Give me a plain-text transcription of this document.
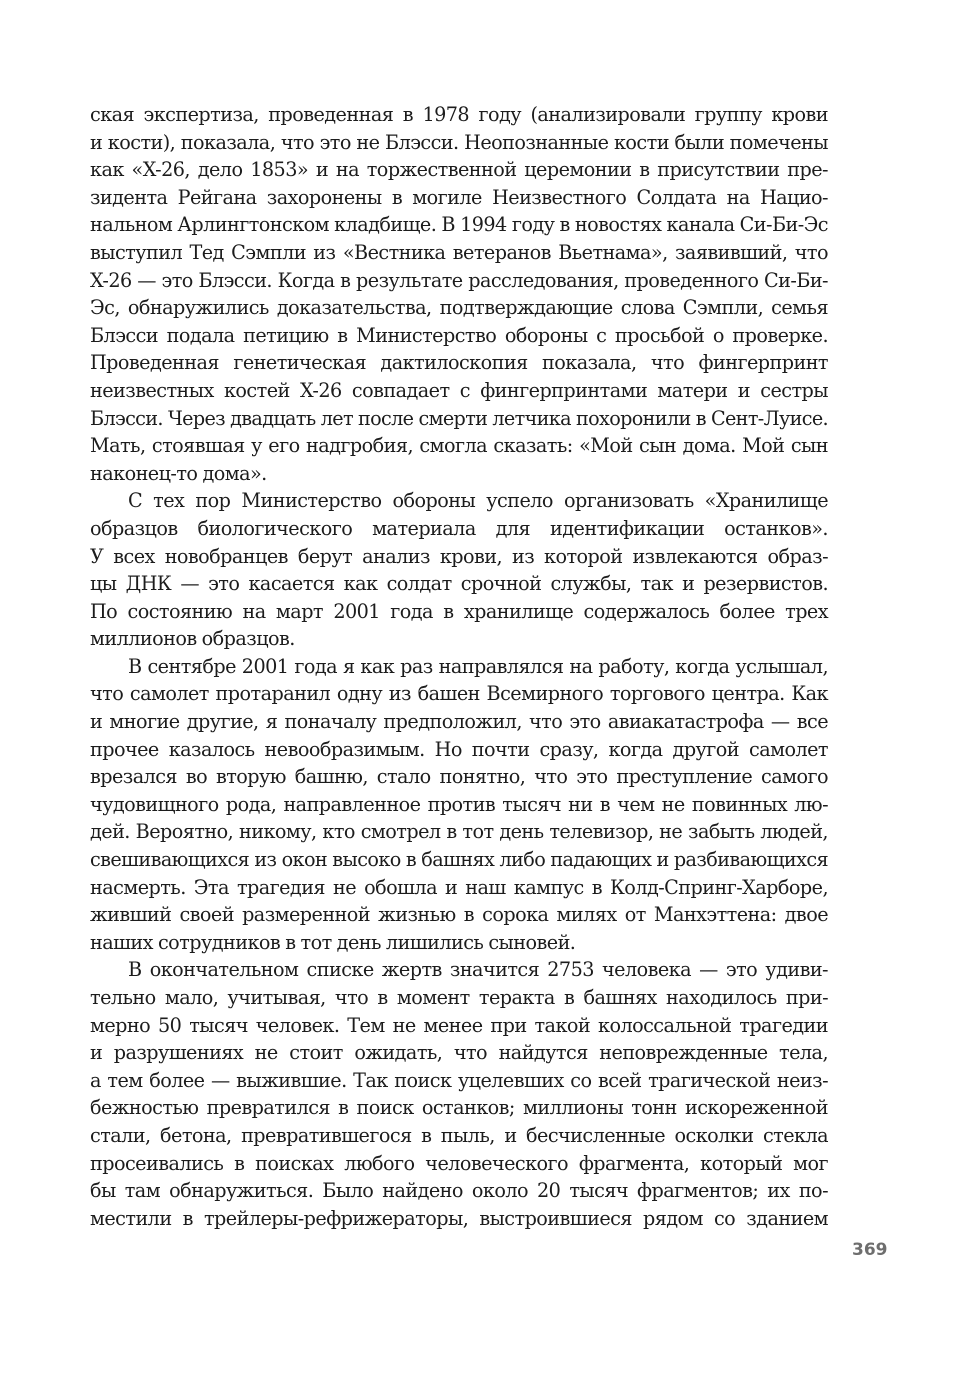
ская экспертиза, проведенная в 1978 году (анализировали группу крови
и кости), показала, что это не Блэсси. Неопознанные кости были помечены
как «X-26, дело 1853» и на торжественной церемонии в присутствии пре-
зидента Рейгана захоронены в могиле Неизвестного Солдата на Нацио-
нальном Арлингтонском кладбище. В 1994 году в новостях канала Си-Би-Эс
выступил Тед Сэмпли из «Вестника ветеранов Вьетнама», заявивший, что
X-26 — это Блэсси. Когда в результате расследования, проведенного Си-Би-
Эс, обнаружились доказательства, подтверждающие слова Сэмпли, семья
Блэсси подала петицию в Министерство обороны с просьбой о проверке.
Проведенная генетическая дактилоскопия показала, что фингерпринт
неизвестных костей X-26 совпадает с фингерпринтами матери и сестры
Блэсси. Через двадцать лет после смерти летчика похоронили в Сент-Луисе.
Мать, стоявшая у его надгробия, смогла сказать: «Мой сын дома. Мой сын
наконец-то дома».
С тех пор Министерство обороны успело организовать «Хранилище
образцов биологического материала для идентификации останков».
У всех новобранцев берут анализ крови, из которой извлекаются образ-
цы ДНК — это касается как солдат срочной службы, так и резервистов.
По состоянию на март 2001 года в хранилище содержалось более трех
миллионов образцов.
В сентябре 2001 года я как раз направлялся на работу, когда услышал,
что самолет протаранил одну из башен Всемирного торгового центра. Как
и многие другие, я поначалу предположил, что это авиакатастрофа — все
прочее казалось невообразимым. Но почти сразу, когда другой самолет
врезался во вторую башню, стало понятно, что это преступление самого
чудовищного рода, направленное против тысяч ни в чем не повинных лю-
дей. Вероятно, никому, кто смотрел в тот день телевизор, не забыть людей,
свешивающихся из окон высоко в башнях либо падающих и разбивающихся
насмерть. Эта трагедия не обошла и наш кампус в Колд-Спринг-Харборе,
живший своей размеренной жизнью в сорока милях от Манхэттена: двое
наших сотрудников в тот день лишились сыновей.
В окончательном списке жертв значится 2753 человека — это удиви-
тельно мало, учитывая, что в момент теракта в башнях находилось при-
мерно 50 тысяч человек. Тем не менее при такой колоссальной трагедии
и разрушениях не стоит ожидать, что найдутся неповрежденные тела,
а тем более — выжившие. Так поиск уцелевших со всей трагической неиз-
бежностью превратился в поиск останков; миллионы тонн искореженной
стали, бетона, превратившегося в пыль, и бесчисленные осколки стекла
просеивались в поисках любого человеческого фрагмента, который мог
бы там обнаружиться. Было найдено около 20 тысяч фрагментов; их по-
местили в трейлеры-рефрижераторы, выстроившиеся рядом со зданием
369
